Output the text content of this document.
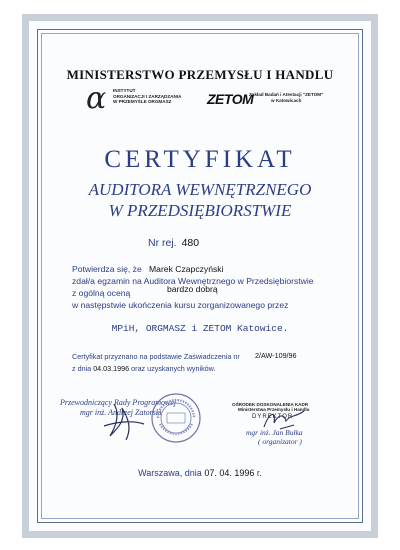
MINISTERSTWO PRZEMYSŁU I HANDLU
α INSTYTUT
ORGANIZACJI I ZARZĄDZANIA
W PRZEMYŚLE ORGMASZ	ZETOM
Zakład Badań i Atestacji "ZETOM"
w Katowicach
CERTYFIKAT
AUDITORA WEWNĘTRZNEGO
W PRZEDSIĘBIORSTWIE
Nr rej. 480
Potwierdza się, że Marek Czapczyński
zdał/a egzamin na Auditora Wewnętrznego w Przedsiębiorstwie
z ogólną oceną	bardzo dobrą
w następstwie ukończenia kursu zorganizowanego przez
MPiH, ORGMASZ i ZETOM Katowice.
Certyfikat przyznano na podstawie Zaświadczenia nr 2/AW-109/96
z dnia 04.03.1996 oraz uzyskanych wyników.
Przewodniczący Rady Programowej
mgr inż. Andrzej Zatorski
OŚRODEK DOSKONALENIA KADR
Ministerstwa Przemysłu i Handlu
DYREKTOR
mgr inż. Jan Bułka
( organizator )
Warszawa, dnia 07. 04. 1996 r.
